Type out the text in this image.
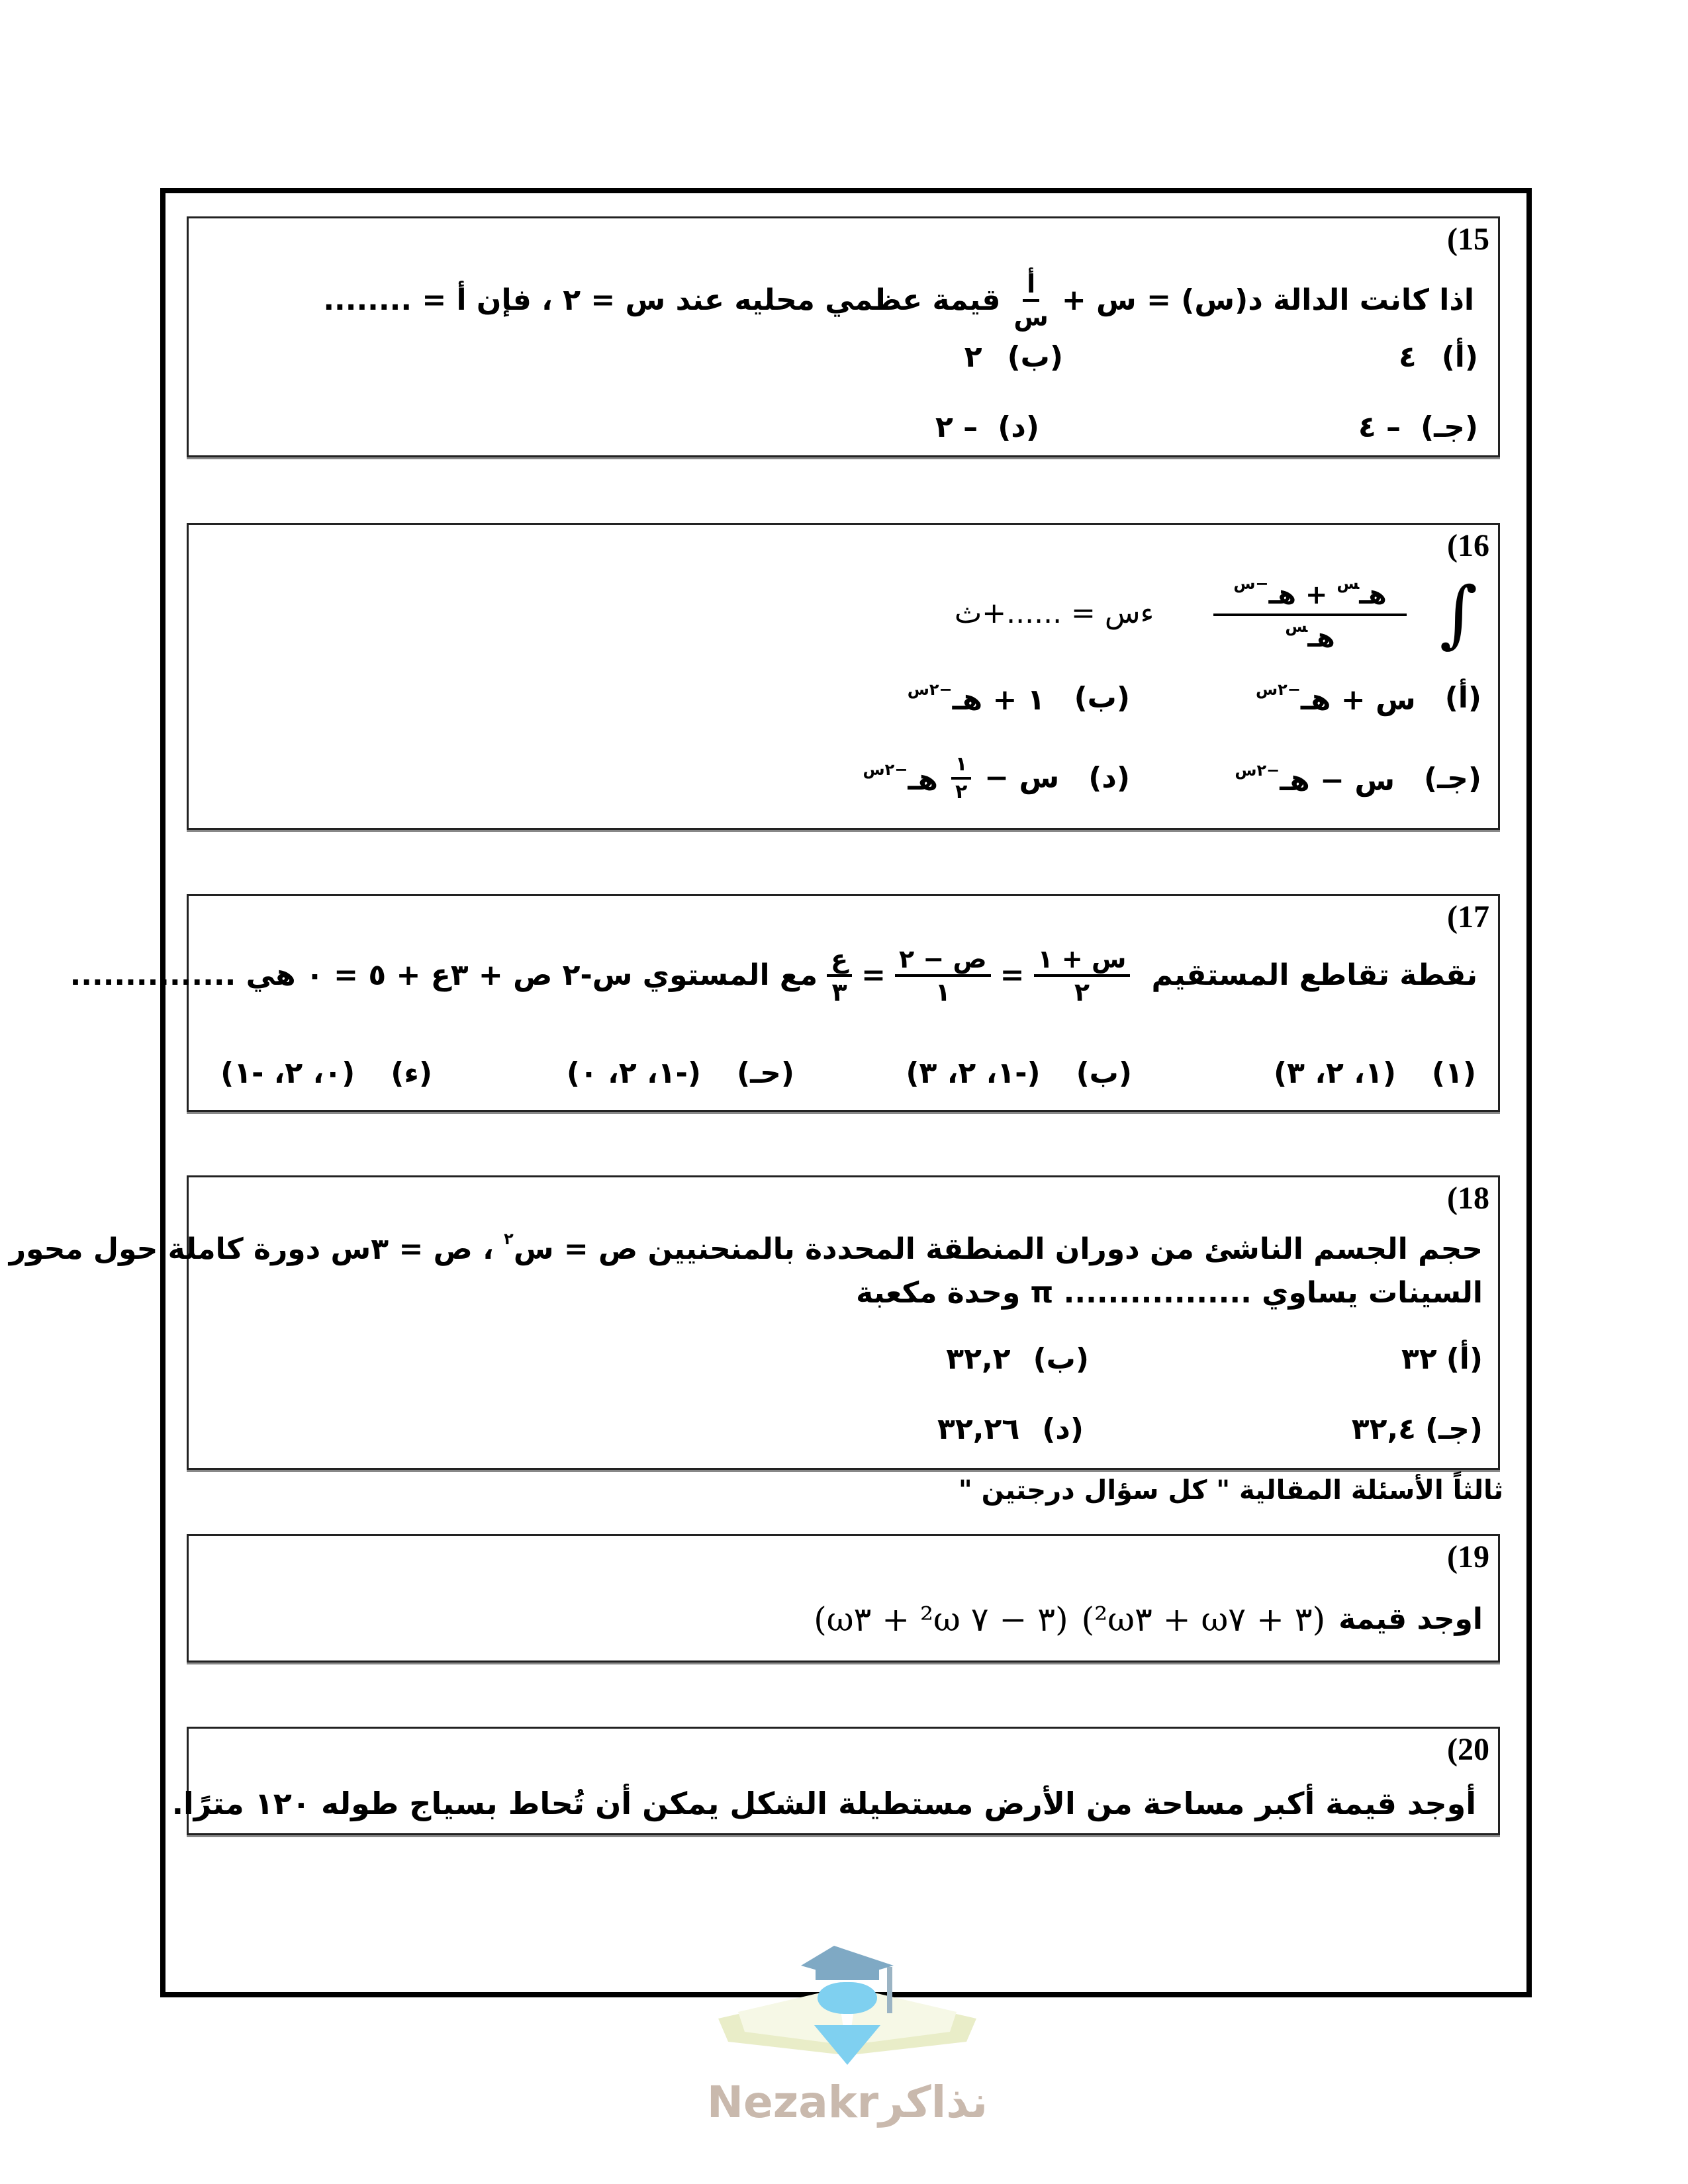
(15
اذا كانت الدالة د(س) = س +
$\frac{\text{أ}}{\text{س}}$
قيمة عظمي محليه عند س = ٢ ، فإن أ = ........
(أ)
٤
(ب)
٢
(جـ)
– ٤
(د)
– ٢
(16
∫
$\frac{هـ^س + هـ^{-س}}{هـ^س}$
ءس = ......+ث
(أ)
س + هـ$^{-٢س}$
(ب)
١ + هـ$^{-٢س}$
(جـ)
س − هـ$^{-٢س}$
(د)
س −
$\frac{١}{٢}$
هـ$^{-٢س}$
(17
نقطة تقاطع المستقيم
$\frac{\text{س + ١}}{٢}$
=
$\frac{\text{ص − ٢}}{١}$
=
$\frac{\text{ع}}{٣}$
مع المستوي س-٢ ص + ٣ع + ٥ = ٠ هي ...............
(١)
(١، ٢، ٣)
(ب)
(-١، ٢، ٣)
(حـ)
(-١، ٢، ٠)
(ء)
(٠، ٢، -١)
(18
حجم الجسم الناشئ من دوران المنطقة المحددة بالمنحنيين ص = س$^٢$ ، ص = ٣س دورة كاملة حول محور
السينات يساوي ................. π وحدة مكعبة
(أ)
٣٢
(ب)
٣٢,٢
(جـ)
٣٢,٤
(د)
٣٢,٢٦
ثالثاً الأسئلة المقالية " كل سؤال درجتين "
(19
اوجد قيمة
(²ω٣ + ω٧ + ٣)
(ω٣ + ²ω ٧ − ٣)
(20
أوجد قيمة أكبر مساحة من الأرض مستطيلة الشكل يمكن أن تُحاط بسياج طوله ١٢٠ مترًا.
Nezakrنذاكر
